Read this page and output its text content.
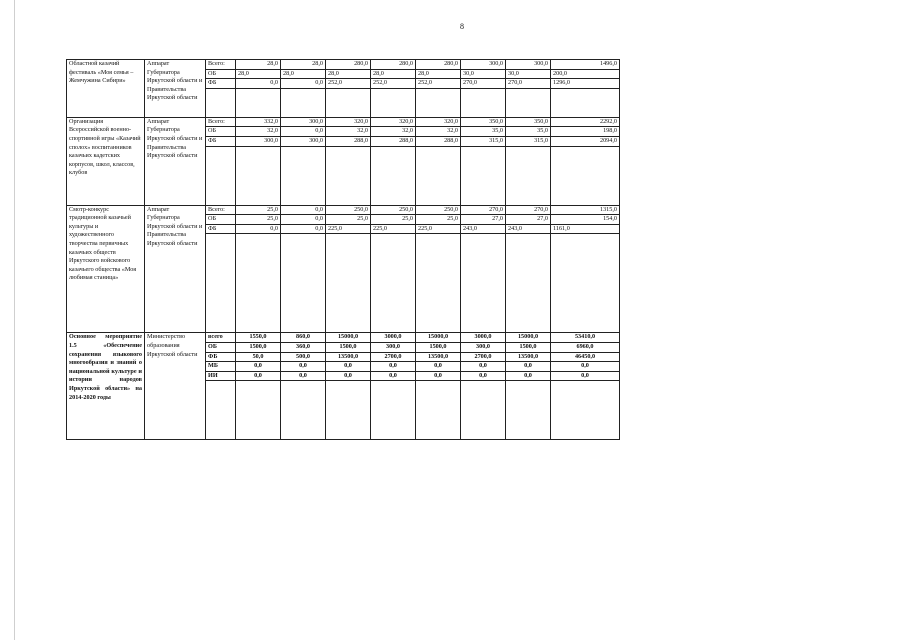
8
Областной казачий фестиваль «Моя семья – Жемчужина Сибири»	Аппарат Губернатора Иркутской области и Правительства Иркутской области	Всего:	28,0	28,0	280,0	280,0	280,0	300,0	300,0	1496,0
		ОБ	28,0	28,0	28,0	28,0	28,0	30,0	30,0	200,0
		ФБ	0,0	0,0	252,0	252,0	252,0	270,0	270,0	1296,0

Организация Всероссийской военно-спортивной игры «Казачий сполох» воспитанников казачьих кадетских корпусов, школ, классов, клубов	Аппарат Губернатора Иркутской области и Правительства Иркутской области	Всего:	332,0	300,0	320,0	320,0	320,0	350,0	350,0	2292,0
		ОБ	32,0	0,0	32,0	32,0	32,0	35,0	35,0	198,0
		ФБ	300,0	300,0	288,0	288,0	288,0	315,0	315,0	2094,0

Смотр-конкурс традиционной казачьей культуры и художественного творчества первичных казачьих обществ Иркутского войскового казачьего общества «Моя любимая станица»	Аппарат Губернатора Иркутской области и Правительства Иркутской области	Всего:	25,0	0,0	250,0	250,0	250,0	270,0	270,0	1315,0
		ОБ	25,0	0,0	25,0	25,0	25,0	27,0	27,0	154,0
		ФБ	0,0	0,0	225,0	225,0	225,0	243,0	243,0	1161,0

Основное мероприятие 1.5 «Обеспечение сохранения языкового многообразия и знаний о национальной культуре и истории народов Иркутской области» на 2014-2020 годы	Министерство образования Иркутской области	всего	1550,0	860,0	15000,0	3000,0	15000,0	3000,0	15000,0	53410,0
		ОБ	1500,0	360,0	1500,0	300,0	1500,0	300,0	1500,0	6960,0
		ФБ	50,0	500,0	13500,0	2700,0	13500,0	2700,0	13500,0	46450,0
		МБ	0,0	0,0	0,0	0,0	0,0	0,0	0,0	0,0
		ИИ	0,0	0,0	0,0	0,0	0,0	0,0	0,0	0,0
